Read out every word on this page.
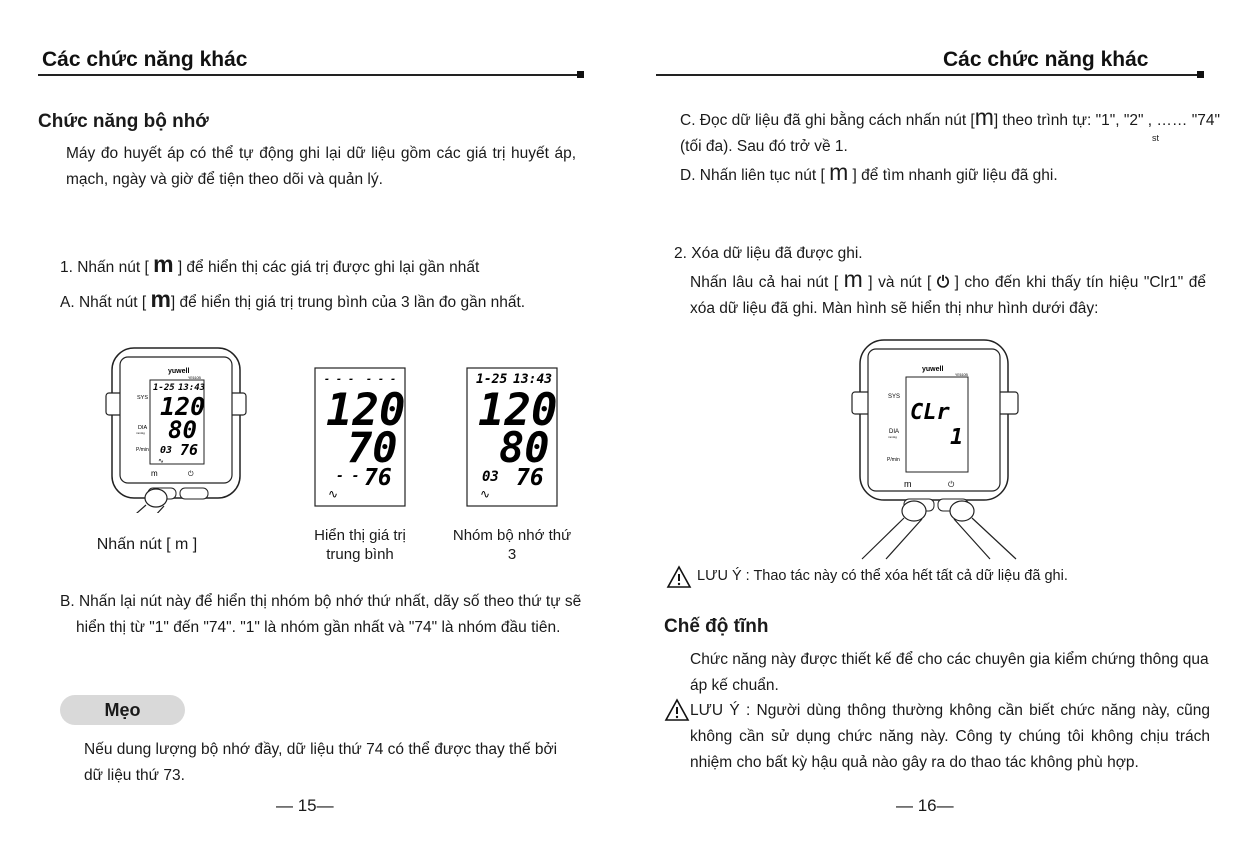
Các chức năng khác
Chức năng bộ nhớ
Máy đo huyết áp có thể tự động ghi lại dữ liệu gồm các giá trị huyết áp, mạch, ngày và giờ để tiện theo dõi và quản lý.
1. Nhấn nút [ m ] để hiển thị các giá trị được ghi lại gần nhất
A. Nhất nút [ m] để hiển thị giá trị trung bình của 3 lần đo gần nhất.
yuwell
YE610B
SYS
DIA
mmHg
P/min
1-25 13:43
120
80
03 76
∿
m	⏻
Nhấn nút [ m ]
- - - - - -
120
70
- - 76
∿
Hiển thị giá trị trung bình
1-25 13:43
120
80
03 76
∿
Nhóm bộ nhớ thứ 3
B. Nhấn lại nút này để hiển thị nhóm bộ nhớ thứ nhất, dãy số theo thứ tự sẽ hiển thị từ "1" đến "74". "1" là nhóm gần nhất và "74" là nhóm đầu tiên.
Mẹo
Nếu dung lượng bộ nhớ đầy, dữ liệu thứ 74 có thể được thay thế bởi dữ liệu thứ 73.
— 15—
Các chức năng khác
C. Đọc dữ liệu đã ghi bằng cách nhấn nút [m] theo trình tự: "1", "2" , …… "74"(tối đa). Sau đó trở về 1.	st
D. Nhấn liên tục nút [ m ] để tìm nhanh giữ liệu đã ghi.
2. Xóa dữ liệu đã được ghi.
Nhấn lâu cả hai nút [ m ] và nút [ ⏻ ] cho đến khi thấy tín hiệu "Clr1" để xóa dữ liệu đã ghi. Màn hình sẽ hiển thị như hình dưới đây:
yuwell
YE610B
SYS
DIA
mmHg
P/min
CLr
1
m	⏻
LƯU Ý : Thao tác này có thể xóa hết tất cả dữ liệu đã ghi.
Chế độ tĩnh
Chức năng này được thiết kế để cho các chuyên gia kiểm chứng thông qua áp kế chuẩn.
LƯU Ý : Người dùng thông thường không cần biết chức năng này, cũng không cần sử dụng chức năng này. Công ty chúng tôi không chịu trách nhiệm cho bất kỳ hậu quả nào gây ra do thao tác không phù hợp.
— 16—
